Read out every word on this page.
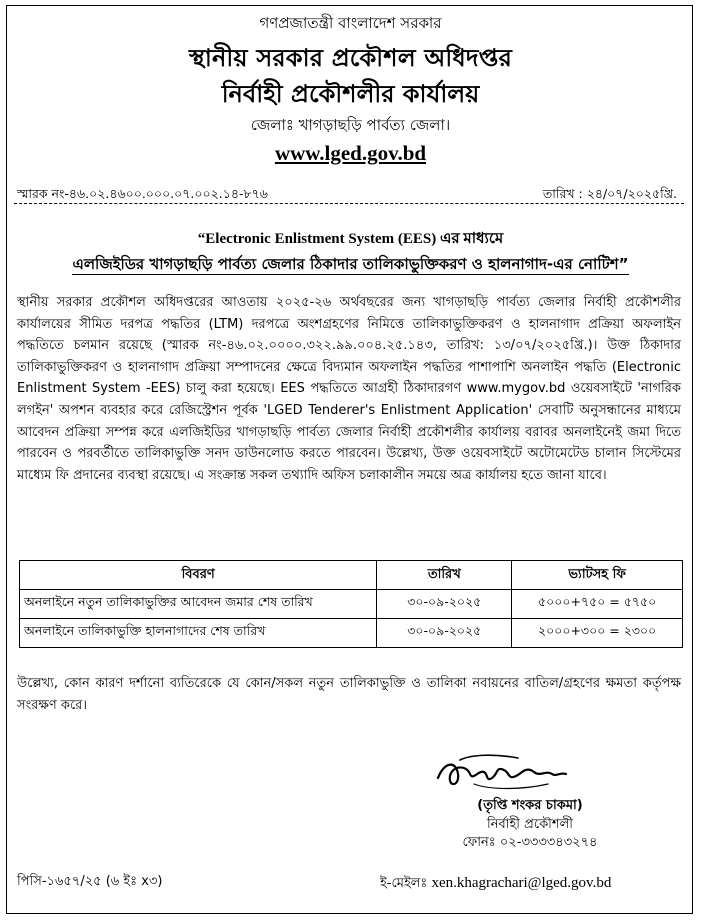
গণপ্রজাতন্ত্রী বাংলাদেশ সরকার
স্থানীয় সরকার প্রকৌশল অধিদপ্তর
নির্বাহী প্রকৌশলীর কার্যালয়
জেলাঃ খাগড়াছড়ি পার্বত্য জেলা।
www.lged.gov.bd
স্মারক নং-৪৬.০২.৪৬০০.০০০.০৭.০০২.১৪-৮৭৬	তারিখ : ২৪/০৭/২০২৫খ্রি.
“Electronic Enlistment System (EES) এর মাধ্যমে
এলজিইডির খাগড়াছড়ি পার্বত্য জেলার ঠিকাদার তালিকাভুক্তিকরণ ও হালনাগাদ-এর নোটিশ”
স্থানীয় সরকার প্রকৌশল অধিদপ্তরের আওতায় ২০২৫-২৬ অর্থবছরের জন্য খাগড়াছড়ি পার্বত্য জেলার নির্বাহী প্রকৌশলীর কার্যালয়ের সীমিত দরপত্র পদ্ধতির (LTM) দরপত্রে অংশগ্রহণের নিমিত্তে তালিকাভুক্তিকরণ ও হালনাগাদ প্রক্রিয়া অফলাইন পদ্ধতিতে চলমান রয়েছে (স্মারক নং-৪৬.০২.০০০০.৩২২.৯৯.০০৪.২৫.১৪৩, তারিখ: ১৩/০৭/২০২৫খ্রি.)। উক্ত ঠিকাদার তালিকাভুক্তিকরণ ও হালনাগাদ প্রক্রিয়া সম্পাদনের ক্ষেত্রে বিদ্যমান অফলাইন পদ্ধতির পাশাপাশি অনলাইন পদ্ধতি (Electronic Enlistment System -EES) চালু করা হয়েছে। EES পদ্ধতিতে আগ্রহী ঠিকাদারগণ www.mygov.bd ওয়েবসাইটে 'নাগরিক লগইন' অপশন ব্যবহার করে রেজিস্ট্রেশন পূর্বক 'LGED Tenderer's Enlistment Application' সেবাটি অনুসন্ধানের মাধ্যমে আবেদন প্রক্রিয়া সম্পন্ন করে এলজিইডির খাগড়াছড়ি পার্বত্য জেলার নির্বাহী প্রকৌশলীর কার্যালয় বরাবর অনলাইনেই জমা দিতে পারবেন ও পরবর্তীতে তালিকাভুক্তি সনদ ডাউনলোড করতে পারবেন। উল্লেখ্য, উক্ত ওয়েবসাইটে অটোমেটেড চালান সিস্টেমের মাধ্যেম ফি প্রদানের ব্যবস্থা রয়েছে। এ সংক্রান্ত সকল তথ্যাদি অফিস চলাকালীন সময়ে অত্র কার্যালয় হতে জানা যাবে।
বিবরণ	তারিখ	ভ্যাটসহ ফি
অনলাইনে নতুন তালিকাভুক্তির আবেদন জমার শেষ তারিখ	৩০-০৯-২০২৫	৫০০০+৭৫০ = ৫৭৫০
অনলাইনে তালিকাভুক্তি হালনাগাদের শেষ তারিখ	৩০-০৯-২০২৫	২০০০+৩০০ = ২৩০০
উল্লেখ্য, কোন কারণ দর্শানো ব্যতিরেকে যে কোন/সকল নতুন তালিকাভুক্তি ও তালিকা নবায়নের বাতিল/গ্রহণের ক্ষমতা কর্তৃপক্ষ সংরক্ষণ করে।
(তৃপ্তি শংকর চাকমা)
নির্বাহী প্রকৌশলী
ফোনঃ ০২-৩৩৩৩৪৩২৭৪
ই-মেইলঃ xen.khagrachari@lged.gov.bd
পিসি-১৬৫৭/২৫ (৬ ইঃ x৩)
